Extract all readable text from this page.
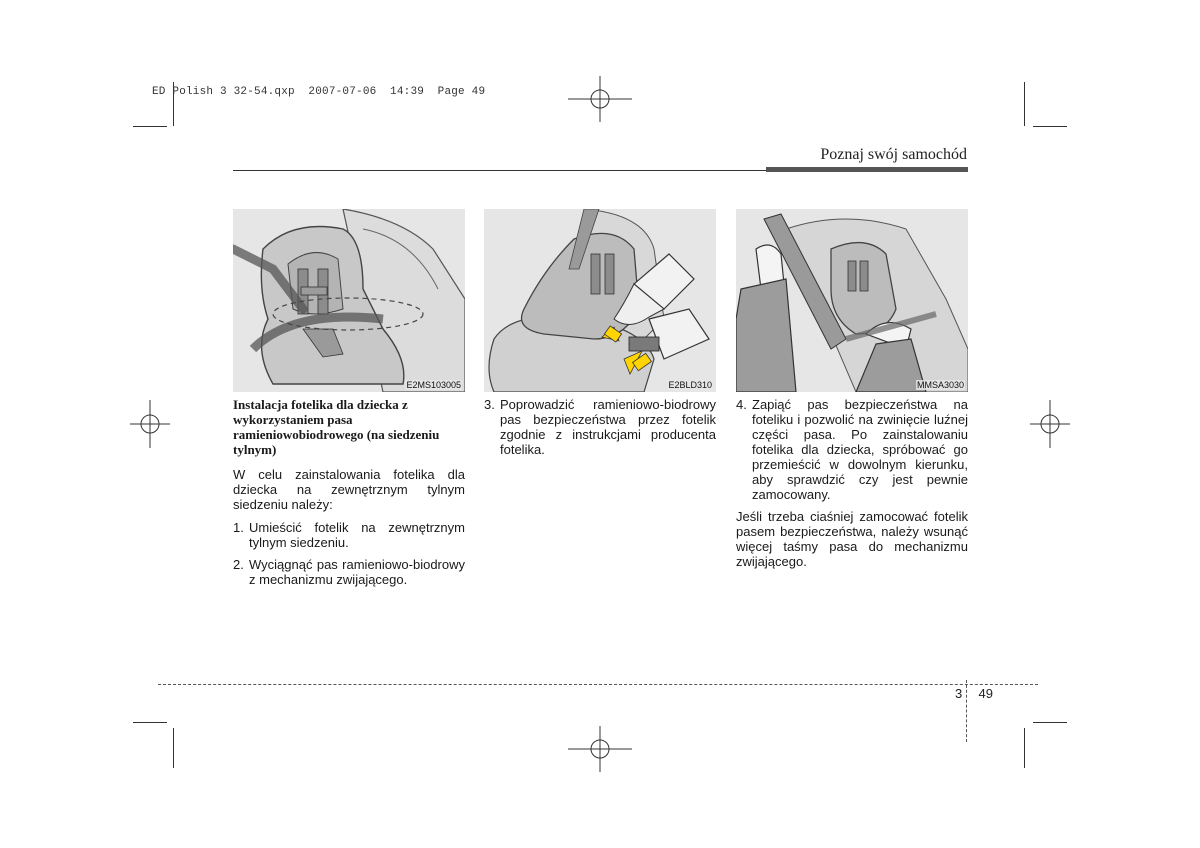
ED Polish 3 32-54.qxp  2007-07-06  14:39  Page 49
Poznaj swój samochód
E2MS103005	E2BLD310	MMSA3030
Instalacja fotelika dla dziecka z wykorzystaniem pasa ramieniowobiodrowego (na siedzeniu tylnym)

W celu zainstalowania fotelika dla dziecka na zewnętrznym tylnym siedzeniu należy:

1. Umieścić fotelik na zewnętrznym tylnym siedzeniu.
2. Wyciągnąć pas ramieniowo-biodrowy z mechanizmu zwijającego.
3. Poprowadzić ramieniowo-biodrowy pas bezpieczeństwa przez fotelik zgodnie z instrukcjami producenta fotelika.
4. Zapiąć pas bezpieczeństwa na foteliku i pozwolić na zwinięcie luźnej części pasa. Po zainstalowaniu fotelika dla dziecka, spróbować go przemieścić w dowolnym kierunku, aby sprawdzić czy jest pewnie zamocowany.

Jeśli trzeba ciaśniej zamocować fotelik pasem bezpieczeństwa, należy wsunąć więcej taśmy pasa do mechanizmu zwijającego.

3 49
